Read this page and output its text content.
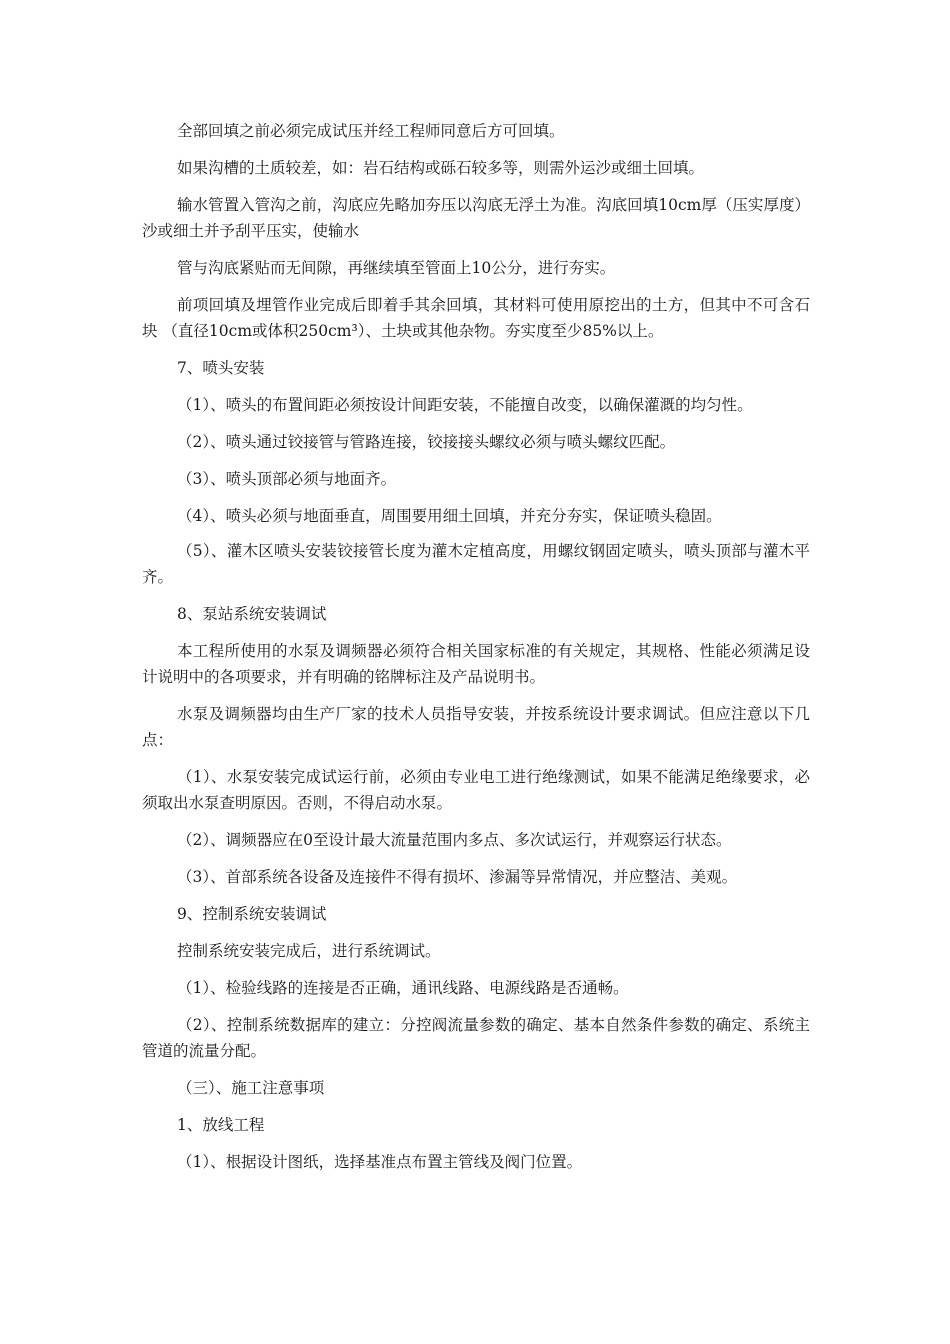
全部回填之前必须完成试压并经工程师同意后方可回填。

如果沟槽的土质较差，如：岩石结构或砾石较多等，则需外运沙或细土回填。

输水管置入管沟之前，沟底应先略加夯压以沟底无浮土为准。沟底回填10cm厚（压实厚度）沙或细土并予刮平压实，使输水

管与沟底紧贴而无间隙，再继续填至管面上10公分，进行夯实。

前项回填及埋管作业完成后即着手其余回填，其材料可使用原挖出的土方，但其中不可含石块 （直径10cm或体积250cm³）、土块或其他杂物。夯实度至少85%以上。

7、喷头安装

（1）、喷头的布置间距必须按设计间距安装，不能擅自改变，以确保灌溉的均匀性。

（2）、喷头通过铰接管与管路连接，铰接接头螺纹必须与喷头螺纹匹配。

（3）、喷头顶部必须与地面齐。

（4）、喷头必须与地面垂直，周围要用细土回填，并充分夯实，保证喷头稳固。

（5）、灌木区喷头安装铰接管长度为灌木定植高度，用螺纹钢固定喷头，喷头顶部与灌木平齐。

8、泵站系统安装调试

本工程所使用的水泵及调频器必须符合相关国家标准的有关规定，其规格、性能必须满足设计说明中的各项要求，并有明确的铭牌标注及产品说明书。

水泵及调频器均由生产厂家的技术人员指导安装，并按系统设计要求调试。但应注意以下几点：

（1）、水泵安装完成试运行前，必须由专业电工进行绝缘测试，如果不能满足绝缘要求，必须取出水泵查明原因。否则，不得启动水泵。

（2）、调频器应在0至设计最大流量范围内多点、多次试运行，并观察运行状态。

（3）、首部系统各设备及连接件不得有损坏、渗漏等异常情况，并应整洁、美观。

9、控制系统安装调试

控制系统安装完成后，进行系统调试。

（1）、检验线路的连接是否正确，通讯线路、电源线路是否通畅。

（2）、控制系统数据库的建立：分控阀流量参数的确定、基本自然条件参数的确定、系统主管道的流量分配。

（三）、施工注意事项

1、放线工程

（1）、根据设计图纸，选择基准点布置主管线及阀门位置。
